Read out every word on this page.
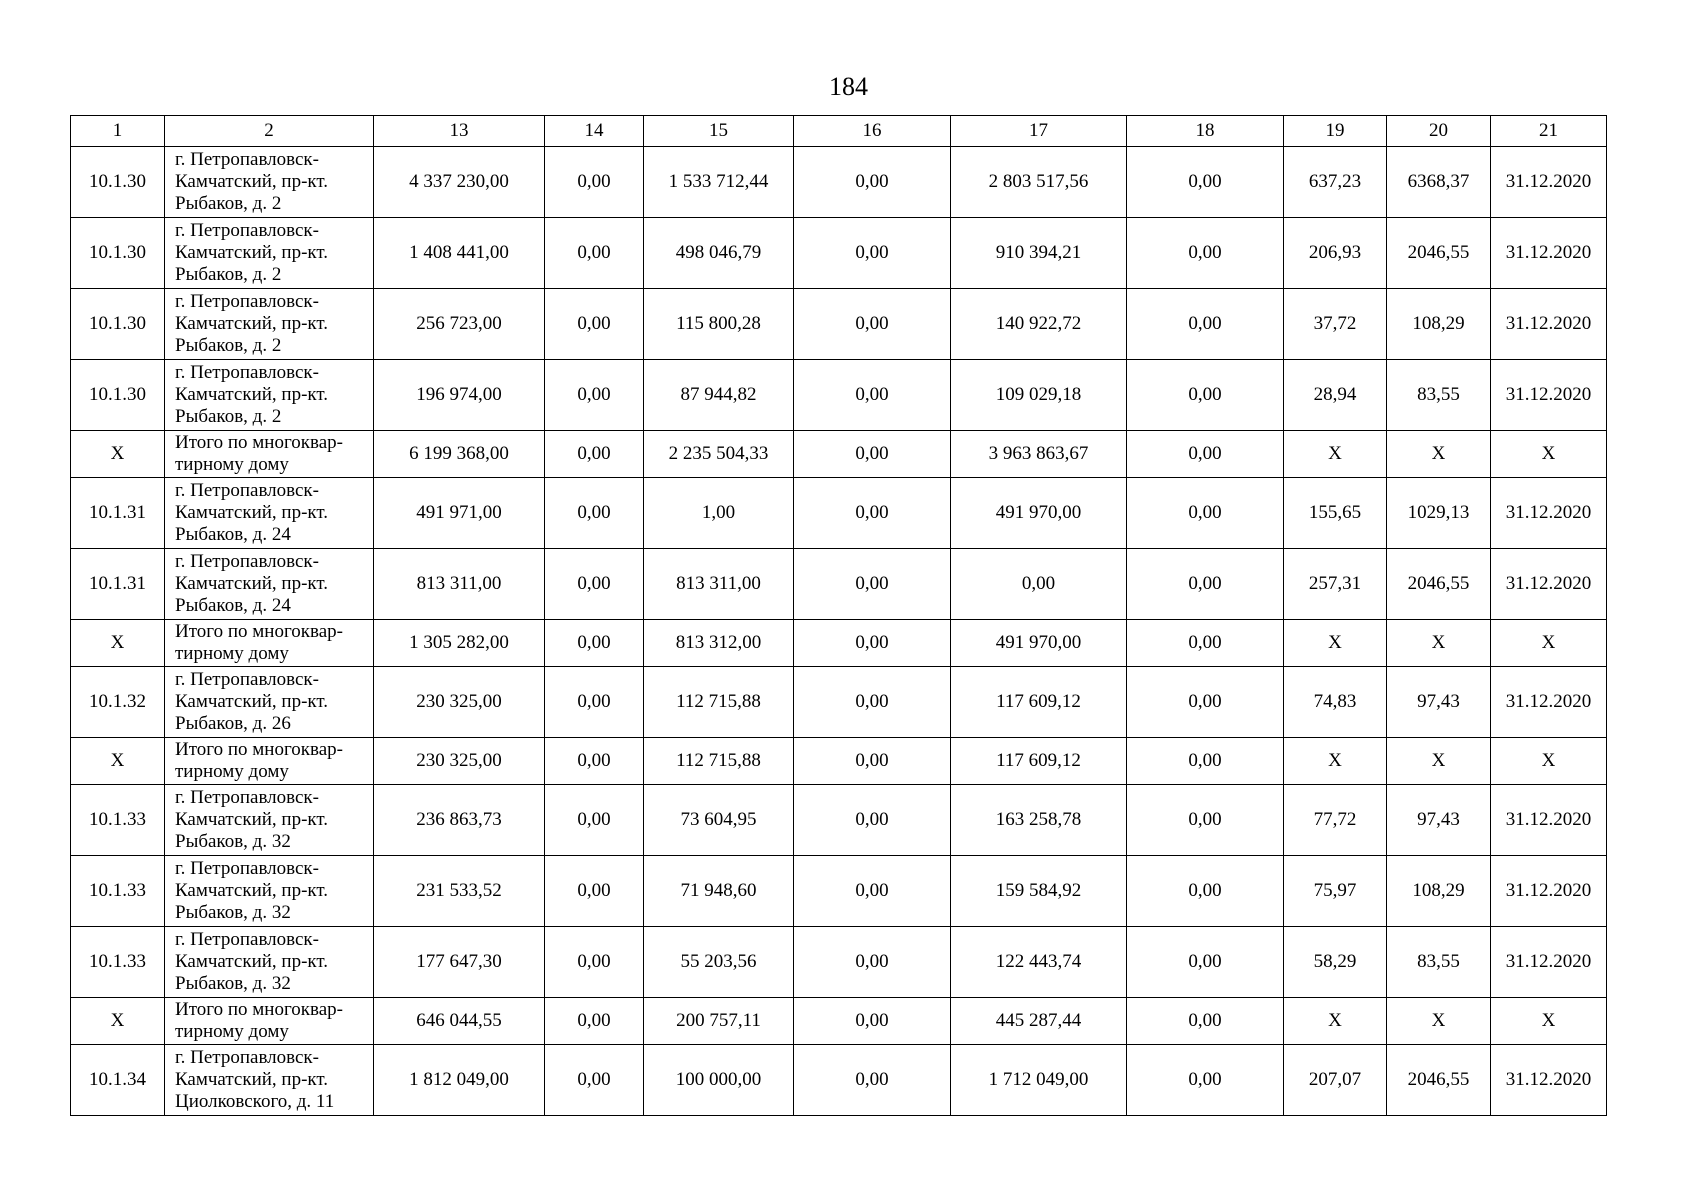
184
1	2	13	14	15	16	17	18	19	20	21
10.1.30	г. Петропавловск-Камчатский, пр-кт. Рыбаков, д. 2	4 337 230,00	0,00	1 533 712,44	0,00	2 803 517,56	0,00	637,23	6368,37	31.12.2020
10.1.30	г. Петропавловск-Камчатский, пр-кт. Рыбаков, д. 2	1 408 441,00	0,00	498 046,79	0,00	910 394,21	0,00	206,93	2046,55	31.12.2020
10.1.30	г. Петропавловск-Камчатский, пр-кт. Рыбаков, д. 2	256 723,00	0,00	115 800,28	0,00	140 922,72	0,00	37,72	108,29	31.12.2020
10.1.30	г. Петропавловск-Камчатский, пр-кт. Рыбаков, д. 2	196 974,00	0,00	87 944,82	0,00	109 029,18	0,00	28,94	83,55	31.12.2020
X	Итого по многоквар-тирному дому	6 199 368,00	0,00	2 235 504,33	0,00	3 963 863,67	0,00	X	X	X
10.1.31	г. Петропавловск-Камчатский, пр-кт. Рыбаков, д. 24	491 971,00	0,00	1,00	0,00	491 970,00	0,00	155,65	1029,13	31.12.2020
10.1.31	г. Петропавловск-Камчатский, пр-кт. Рыбаков, д. 24	813 311,00	0,00	813 311,00	0,00	0,00	0,00	257,31	2046,55	31.12.2020
X	Итого по многоквар-тирному дому	1 305 282,00	0,00	813 312,00	0,00	491 970,00	0,00	X	X	X
10.1.32	г. Петропавловск-Камчатский, пр-кт. Рыбаков, д. 26	230 325,00	0,00	112 715,88	0,00	117 609,12	0,00	74,83	97,43	31.12.2020
X	Итого по многоквар-тирному дому	230 325,00	0,00	112 715,88	0,00	117 609,12	0,00	X	X	X
10.1.33	г. Петропавловск-Камчатский, пр-кт. Рыбаков, д. 32	236 863,73	0,00	73 604,95	0,00	163 258,78	0,00	77,72	97,43	31.12.2020
10.1.33	г. Петропавловск-Камчатский, пр-кт. Рыбаков, д. 32	231 533,52	0,00	71 948,60	0,00	159 584,92	0,00	75,97	108,29	31.12.2020
10.1.33	г. Петропавловск-Камчатский, пр-кт. Рыбаков, д. 32	177 647,30	0,00	55 203,56	0,00	122 443,74	0,00	58,29	83,55	31.12.2020
X	Итого по многоквар-тирному дому	646 044,55	0,00	200 757,11	0,00	445 287,44	0,00	X	X	X
10.1.34	г. Петропавловск-Камчатский, пр-кт. Циолковского, д. 11	1 812 049,00	0,00	100 000,00	0,00	1 712 049,00	0,00	207,07	2046,55	31.12.2020
